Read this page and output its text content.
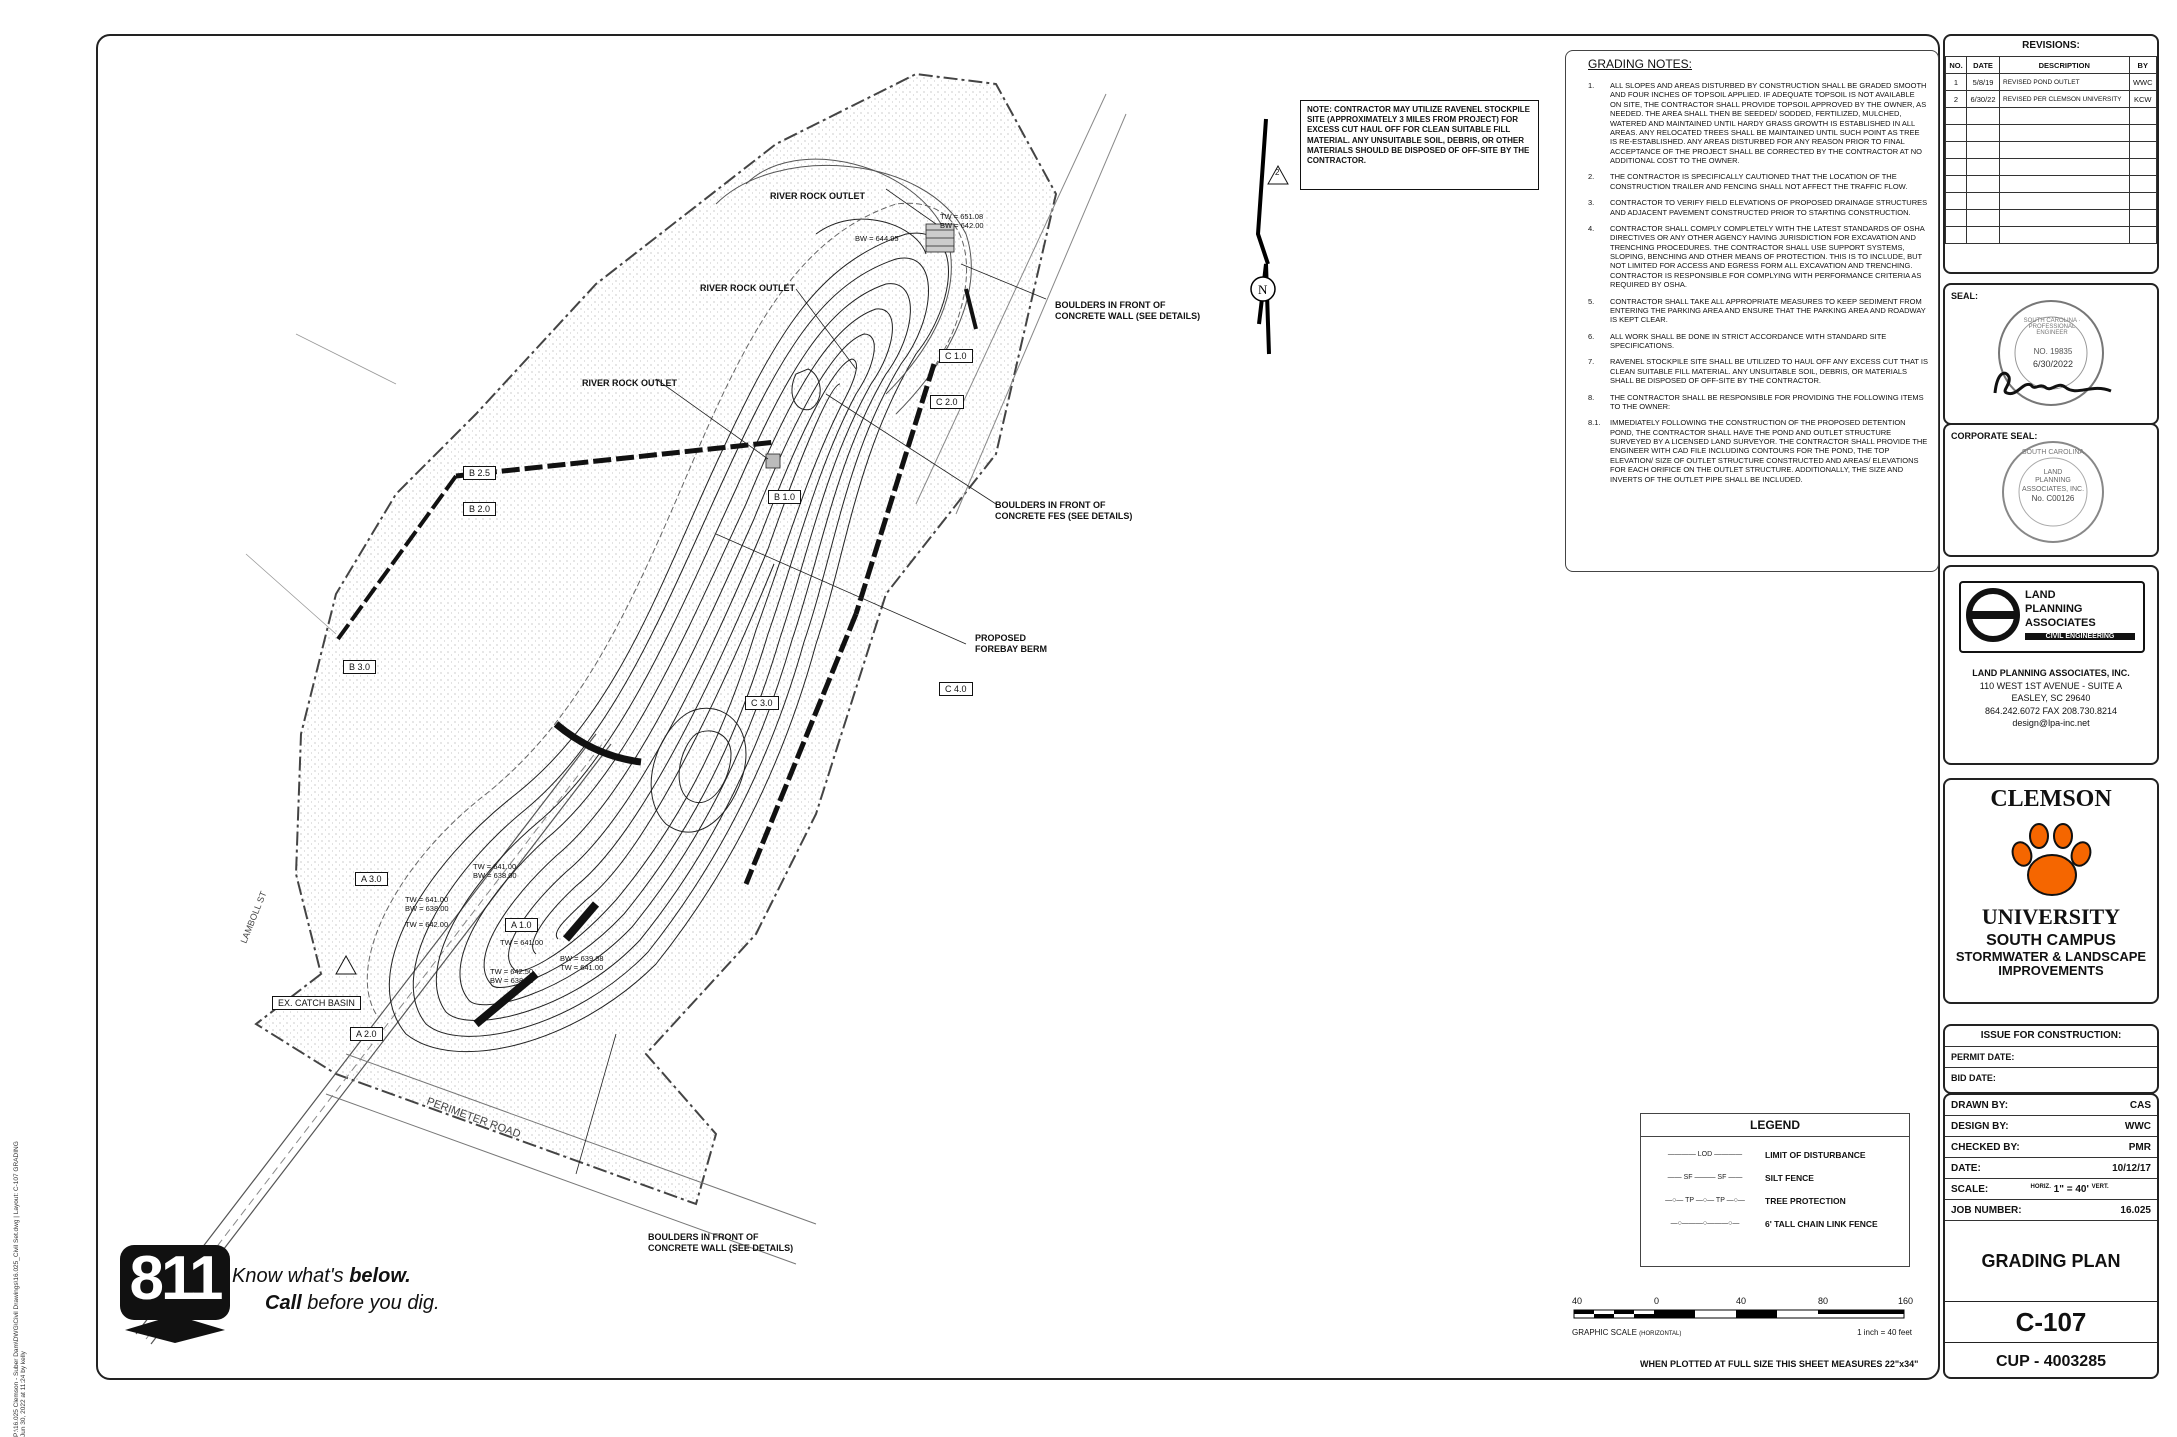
P:\16.025 Clemson - Suber Dam\DWG\Civil Drawings\16.025_Civil Set.dwg | Layout: C-107 GRADING
Jun 30, 2022 at 11:24 by kelly
N
PERIMETER ROAD
LAMBOLL ST
NOTE: CONTRACTOR MAY UTILIZE RAVENEL STOCKPILE SITE (APPROXIMATELY 3 MILES FROM PROJECT) FOR EXCESS CUT HAUL OFF FOR CLEAN SUITABLE FILL MATERIAL. ANY UNSUITABLE SOIL, DEBRIS, OR OTHER MATERIALS SHOULD BE DISPOSED OF OFF-SITE BY THE CONTRACTOR.
2
RIVER ROCK OUTLET
RIVER ROCK OUTLET
RIVER ROCK OUTLET
BOULDERS IN FRONT OF
CONCRETE WALL (SEE DETAILS)
BOULDERS IN FRONT OF
CONCRETE FES (SEE DETAILS)
PROPOSED
FOREBAY BERM
BOULDERS IN FRONT OF
CONCRETE WALL (SEE DETAILS)
EX. CATCH BASIN
B 2.5
B 2.0
B 3.0
B 1.0
C 1.0
C 2.0
C 3.0
C 4.0
A 3.0
A 1.0
A 2.0
TW = 651.08
BW = 642.00
BW = 644.95
TW = 641.00
BW = 638.00
TW = 641.00
BW = 638.00
TW = 642.00
TW = 641.00
BW = 639.88
TW = 641.00
TW = 642.50
BW = 638.00
811 Know what's below.
Call before you dig.
GRADING NOTES:
1.	ALL SLOPES AND AREAS DISTURBED BY CONSTRUCTION SHALL BE GRADED SMOOTH AND FOUR INCHES OF TOPSOIL APPLIED. IF ADEQUATE TOPSOIL IS NOT AVAILABLE ON SITE, THE CONTRACTOR SHALL PROVIDE TOPSOIL APPROVED BY THE OWNER, AS NEEDED. THE AREA SHALL THEN BE SEEDED/ SODDED, FERTILIZED, MULCHED, WATERED AND MAINTAINED UNTIL HARDY GRASS GROWTH IS ESTABLISHED IN ALL AREAS. ANY RELOCATED TREES SHALL BE MAINTAINED UNTIL SUCH POINT AS TREE IS RE-ESTABLISHED. ANY AREAS DISTURBED FOR ANY REASON PRIOR TO FINAL ACCEPTANCE OF THE PROJECT SHALL BE CORRECTED BY THE CONTRACTOR AT NO ADDITIONAL COST TO THE OWNER.
2.	THE CONTRACTOR IS SPECIFICALLY CAUTIONED THAT THE LOCATION OF THE CONSTRUCTION TRAILER AND FENCING SHALL NOT AFFECT THE TRAFFIC FLOW.
3.	CONTRACTOR TO VERIFY FIELD ELEVATIONS OF PROPOSED DRAINAGE STRUCTURES AND ADJACENT PAVEMENT CONSTRUCTED PRIOR TO STARTING CONSTRUCTION.
4.	CONTRACTOR SHALL COMPLY COMPLETELY WITH THE LATEST STANDARDS OF OSHA DIRECTIVES OR ANY OTHER AGENCY HAVING JURISDICTION FOR EXCAVATION AND TRENCHING PROCEDURES. THE CONTRACTOR SHALL USE SUPPORT SYSTEMS, SLOPING, BENCHING AND OTHER MEANS OF PROTECTION. THIS IS TO INCLUDE, BUT NOT LIMITED FOR ACCESS AND EGRESS FORM ALL EXCAVATION AND TRENCHING. CONTRACTOR IS RESPONSIBLE FOR COMPLYING WITH PERFORMANCE CRITERIA AS REQUIRED BY OSHA.
5.	CONTRACTOR SHALL TAKE ALL APPROPRIATE MEASURES TO KEEP SEDIMENT FROM ENTERING THE PARKING AREA AND ENSURE THAT THE PARKING AREA AND ROADWAY IS KEPT CLEAR.
6.	ALL WORK SHALL BE DONE IN STRICT ACCORDANCE WITH STANDARD SITE SPECIFICATIONS.
7.	RAVENEL STOCKPILE SITE SHALL BE UTILIZED TO HAUL OFF ANY EXCESS CUT THAT IS CLEAN SUITABLE FILL MATERIAL. ANY UNSUITABLE SOIL, DEBRIS, OR MATERIALS SHALL BE DISPOSED OF OFF-SITE BY THE CONTRACTOR.
8.	THE CONTRACTOR SHALL BE RESPONSIBLE FOR PROVIDING THE FOLLOWING ITEMS TO THE OWNER:
8.1.	IMMEDIATELY FOLLOWING THE CONSTRUCTION OF THE PROPOSED DETENTION POND, THE CONTRACTOR SHALL HAVE THE POND AND OUTLET STRUCTURE SURVEYED BY A LICENSED LAND SURVEYOR. THE CONTRACTOR SHALL PROVIDE THE ENGINEER WITH CAD FILE INCLUDING CONTOURS FOR THE POND, THE TOP ELEVATION/ SIZE OF OUTLET STRUCTURE CONSTRUCTED AND AREAS/ ELEVATIONS FOR EACH ORIFICE ON THE OUTLET STRUCTURE. ADDITIONALLY, THE SIZE AND INVERTS OF THE OUTLET PIPE SHALL BE INCLUDED.
LEGEND
———— LOD ————	LIMIT OF DISTURBANCE
—— SF ——— SF ——	SILT FENCE
—○— TP —○— TP —○—	TREE PROTECTION
—○———○———○—	6' TALL CHAIN LINK FENCE
40	0	40	80	160
GRAPHIC SCALE (HORIZONTAL)	1 inch = 40 feet
WHEN PLOTTED AT FULL SIZE THIS SHEET MEASURES 22"x34"
REVISIONS:
NO.	DATE	DESCRIPTION	BY
1	5/8/19	REVISED POND OUTLET	WWC
2	6/30/22	REVISED PER CLEMSON UNIVERSITY	KCW

SEAL:
SOUTH CAROLINA · PROFESSIONAL ENGINEER
NO. 19835
6/30/2022
CORPORATE SEAL:
SOUTH CAROLINA
LAND
PLANNING
ASSOCIATES, INC.
No. C00126
LAND
PLANNING
ASSOCIATES
CIVIL ENGINEERING
LAND PLANNING ASSOCIATES, INC.
110 WEST 1ST AVENUE - SUITE A
EASLEY, SC 29640
864.242.6072 FAX 208.730.8214
design@lpa-inc.net
CLEMSON
UNIVERSITY
SOUTH CAMPUS
STORMWATER & LANDSCAPE
IMPROVEMENTS
ISSUE FOR CONSTRUCTION:
PERMIT DATE:
BID DATE:
DRAWN BY:	CAS
DESIGN BY:	WWC
CHECKED BY:	PMR
DATE:	10/12/17
SCALE:	$^{HORIZ.}$ 1" = 40' $^{VERT.}$
JOB NUMBER:	16.025
GRADING PLAN
C-107
CUP - 4003285
